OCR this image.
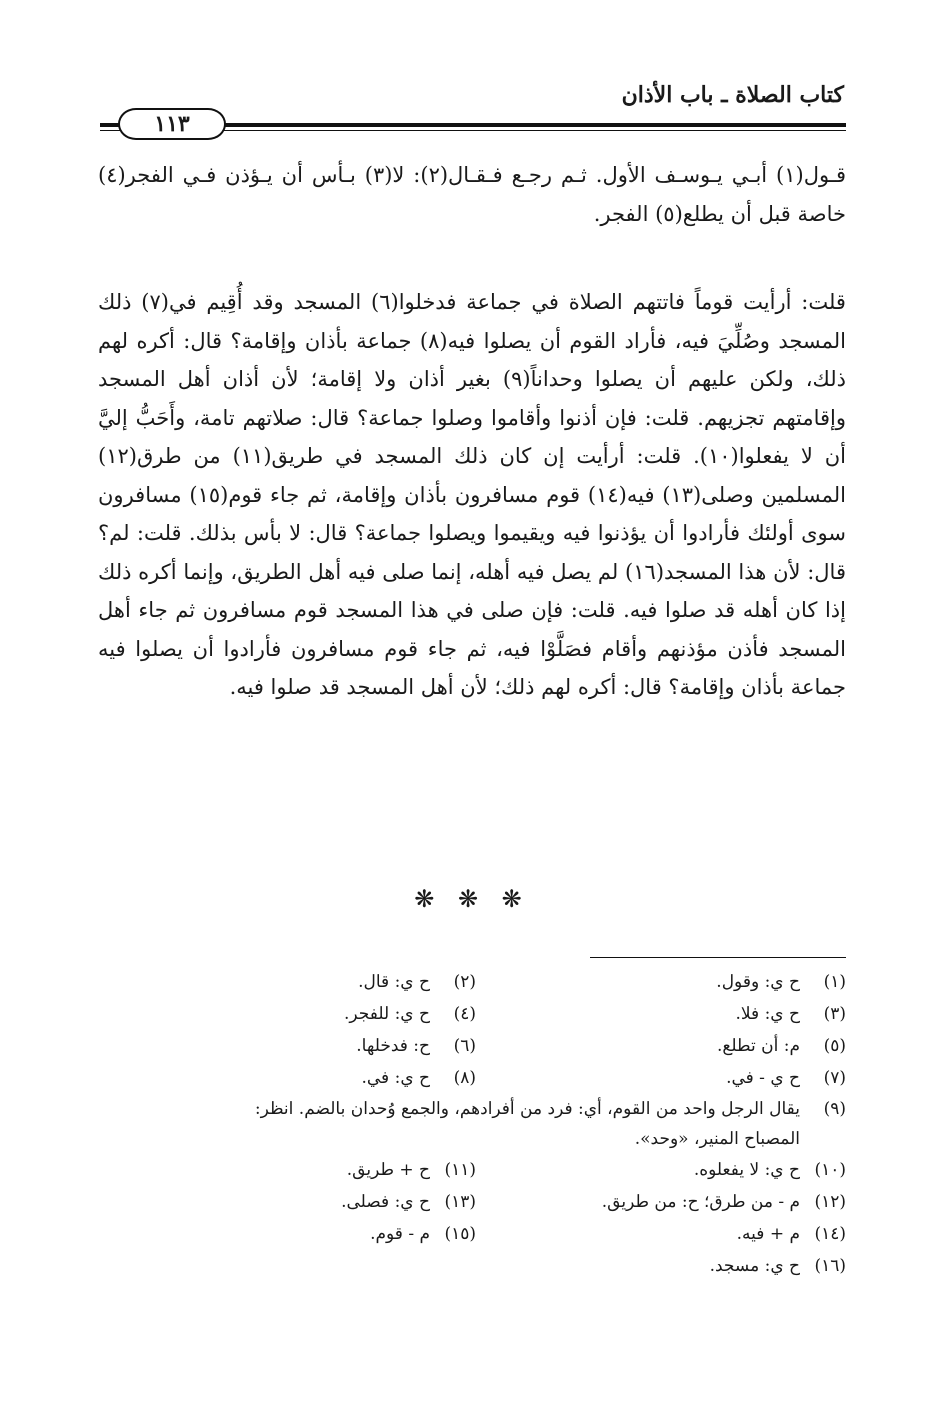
كتاب الصلاة ـ باب الأذان
١١٣

قـول(١) أبـي يـوسـف الأول. ثـم رجـع فـقـال(٢): لا(٣) بـأس أن يـؤذن فـي الفجر(٤) خاصة قبل أن يطلع(٥) الفجر.

قلت: أرأيت قوماً فاتتهم الصلاة في جماعة فدخلوا(٦) المسجد وقد أُقِيم في(٧) ذلك المسجد وصُلِّيَ فيه، فأراد القوم أن يصلوا فيه(٨) جماعة بأذان وإقامة؟ قال: أكره لهم ذلك، ولكن عليهم أن يصلوا وحداناً(٩) بغير أذان ولا إقامة؛ لأن أذان أهل المسجد وإقامتهم تجزيهم. قلت: فإن أذنوا وأقاموا وصلوا جماعة؟ قال: صلاتهم تامة، وأَحَبُّ إليَّ أن لا يفعلوا(١٠). قلت: أرأيت إن كان ذلك المسجد في طريق(١١) من طرق(١٢) المسلمين وصلى(١٣) فيه(١٤) قوم مسافرون بأذان وإقامة، ثم جاء قوم(١٥) مسافرون سوى أولئك فأرادوا أن يؤذنوا فيه ويقيموا ويصلوا جماعة؟ قال: لا بأس بذلك. قلت: لم؟ قال: لأن هذا المسجد(١٦) لم يصل فيه أهله، إنما صلى فيه أهل الطريق، وإنما أكره ذلك إذا كان أهله قد صلوا فيه. قلت: فإن صلى في هذا المسجد قوم مسافرون ثم جاء أهل المسجد فأذن مؤذنهم وأقام فصَلَّوْا فيه، ثم جاء قوم مسافرون فأرادوا أن يصلوا فيه جماعة بأذان وإقامة؟ قال: أكره لهم ذلك؛ لأن أهل المسجد قد صلوا فيه.

❋ ❋ ❋
(١)ح ي: وقول.
(٢)ح ي: قال.
(٣)ح ي: فلا.
(٤)ح ي: للفجر.
(٥)م: أن تطلع.
(٦)ح: فدخلها.
(٧)ح ي - في.
(٨)ح ي: في.
(٩)يقال الرجل واحد من القوم، أي: فرد من أفرادهم، والجمع وُحدان بالضم. انظر:
المصباح المنير، «وحد».
(١٠)ح ي: لا يفعلوه.
(١١)ح + طريق.
(١٢)م - من طرق؛ ح: من طريق.
(١٣)ح ي: فصلى.
(١٤)م + فيه.
(١٥)م - قوم.
(١٦)ح ي: مسجد.
